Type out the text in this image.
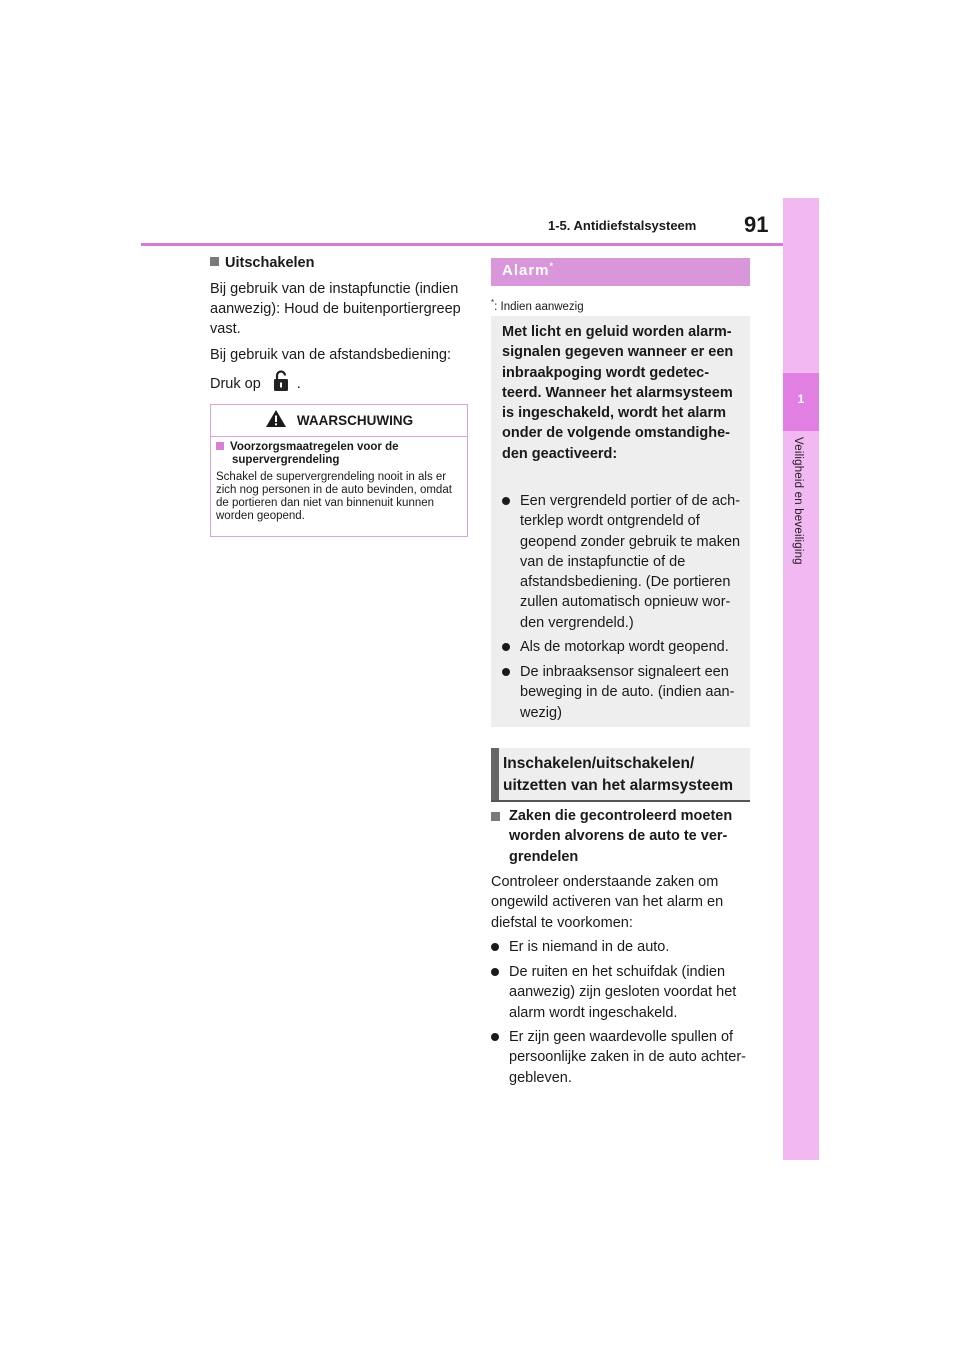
1-5. Antidiefstalsysteem 91
1
Veiligheid en beveiliging
Uitschakelen
Bij gebruik van de instapfunctie (indien aanwezig): Houd de buitenportiergreep vast.
Bij gebruik van de afstandsbediening:
Druk op .
WAARSCHUWING
Voorzorgsmaatregelen voor de supervergrendeling
Schakel de supervergrendeling nooit in als er zich nog personen in de auto bevinden, omdat de portieren dan niet van binnenuit kunnen worden geopend.
Alarm*
*: Indien aanwezig
Met licht en geluid worden alarm-signalen gegeven wanneer er een inbraakpoging wordt gedetec-teerd. Wanneer het alarmsysteem is ingeschakeld, wordt het alarm onder de volgende omstandighe-den geactiveerd:
Een vergrendeld portier of de ach-terklep wordt ontgrendeld of geopend zonder gebruik te maken van de instapfunctie of de afstandsbediening. (De portieren zullen automatisch opnieuw wor-den vergrendeld.)
Als de motorkap wordt geopend.
De inbraaksensor signaleert een beweging in de auto. (indien aan-wezig)
Inschakelen/uitschakelen/ uitzetten van het alarmsysteem
Zaken die gecontroleerd moeten worden alvorens de auto te ver-grendelen
Controleer onderstaande zaken om ongewild activeren van het alarm en diefstal te voorkomen:
Er is niemand in de auto.
De ruiten en het schuifdak (indien aanwezig) zijn gesloten voordat het alarm wordt ingeschakeld.
Er zijn geen waardevolle spullen of persoonlijke zaken in de auto achter-gebleven.
